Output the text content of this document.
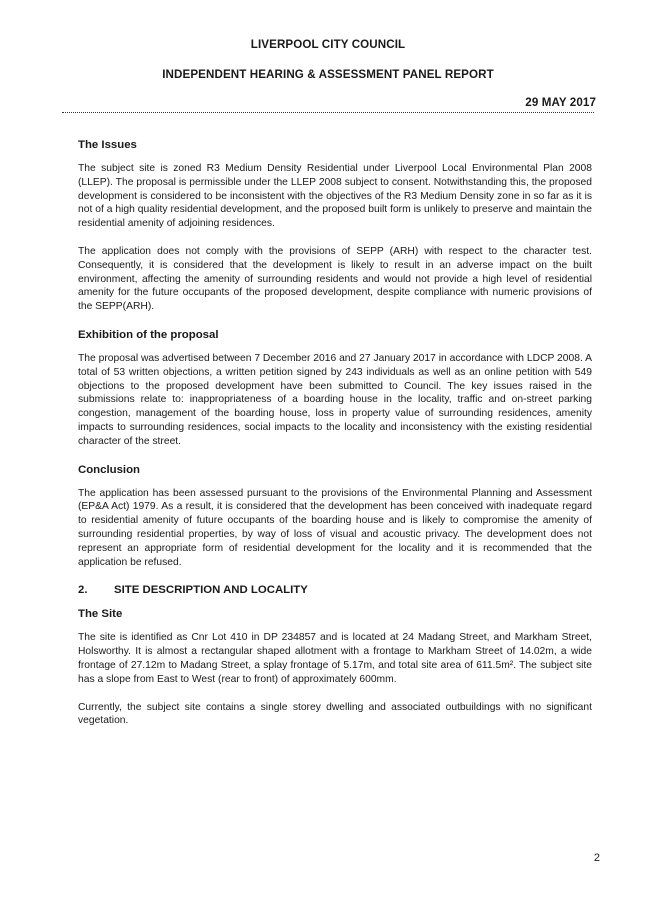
LIVERPOOL CITY COUNCIL
INDEPENDENT HEARING & ASSESSMENT PANEL REPORT
29 MAY 2017
The Issues

The subject site is zoned R3 Medium Density Residential under Liverpool Local Environmental Plan 2008 (LLEP). The proposal is permissible under the LLEP 2008 subject to consent. Notwithstanding this, the proposed development is considered to be inconsistent with the objectives of the R3 Medium Density zone in so far as it is not of a high quality residential development, and the proposed built form is unlikely to preserve and maintain the residential amenity of adjoining residences.

The application does not comply with the provisions of SEPP (ARH) with respect to the character test. Consequently, it is considered that the development is likely to result in an adverse impact on the built environment, affecting the amenity of surrounding residents and would not provide a high level of residential amenity for the future occupants of the proposed development, despite compliance with numeric provisions of the SEPP(ARH).

Exhibition of the proposal

The proposal was advertised between 7 December 2016 and 27 January 2017 in accordance with LDCP 2008. A total of 53 written objections, a written petition signed by 243 individuals as well as an online petition with 549 objections to the proposed development have been submitted to Council. The key issues raised in the submissions relate to: inappropriateness of a boarding house in the locality, traffic and on-street parking congestion, management of the boarding house, loss in property value of surrounding residences, amenity impacts to surrounding residences, social impacts to the locality and inconsistency with the existing residential character of the street.

Conclusion

The application has been assessed pursuant to the provisions of the Environmental Planning and Assessment (EP&A Act) 1979. As a result, it is considered that the development has been conceived with inadequate regard to residential amenity of future occupants of the boarding house and is likely to compromise the amenity of surrounding residential properties, by way of loss of visual and acoustic privacy. The development does not represent an appropriate form of residential development for the locality and it is recommended that the application be refused.

2.	SITE DESCRIPTION AND LOCALITY
The Site

The site is identified as Cnr Lot 410 in DP 234857 and is located at 24 Madang Street, and Markham Street, Holsworthy. It is almost a rectangular shaped allotment with a frontage to Markham Street of 14.02m, a wide frontage of 27.12m to Madang Street, a splay frontage of 5.17m, and total site area of 611.5m². The subject site has a slope from East to West (rear to front) of approximately 600mm.

Currently, the subject site contains a single storey dwelling and associated outbuildings with no significant vegetation.

2
